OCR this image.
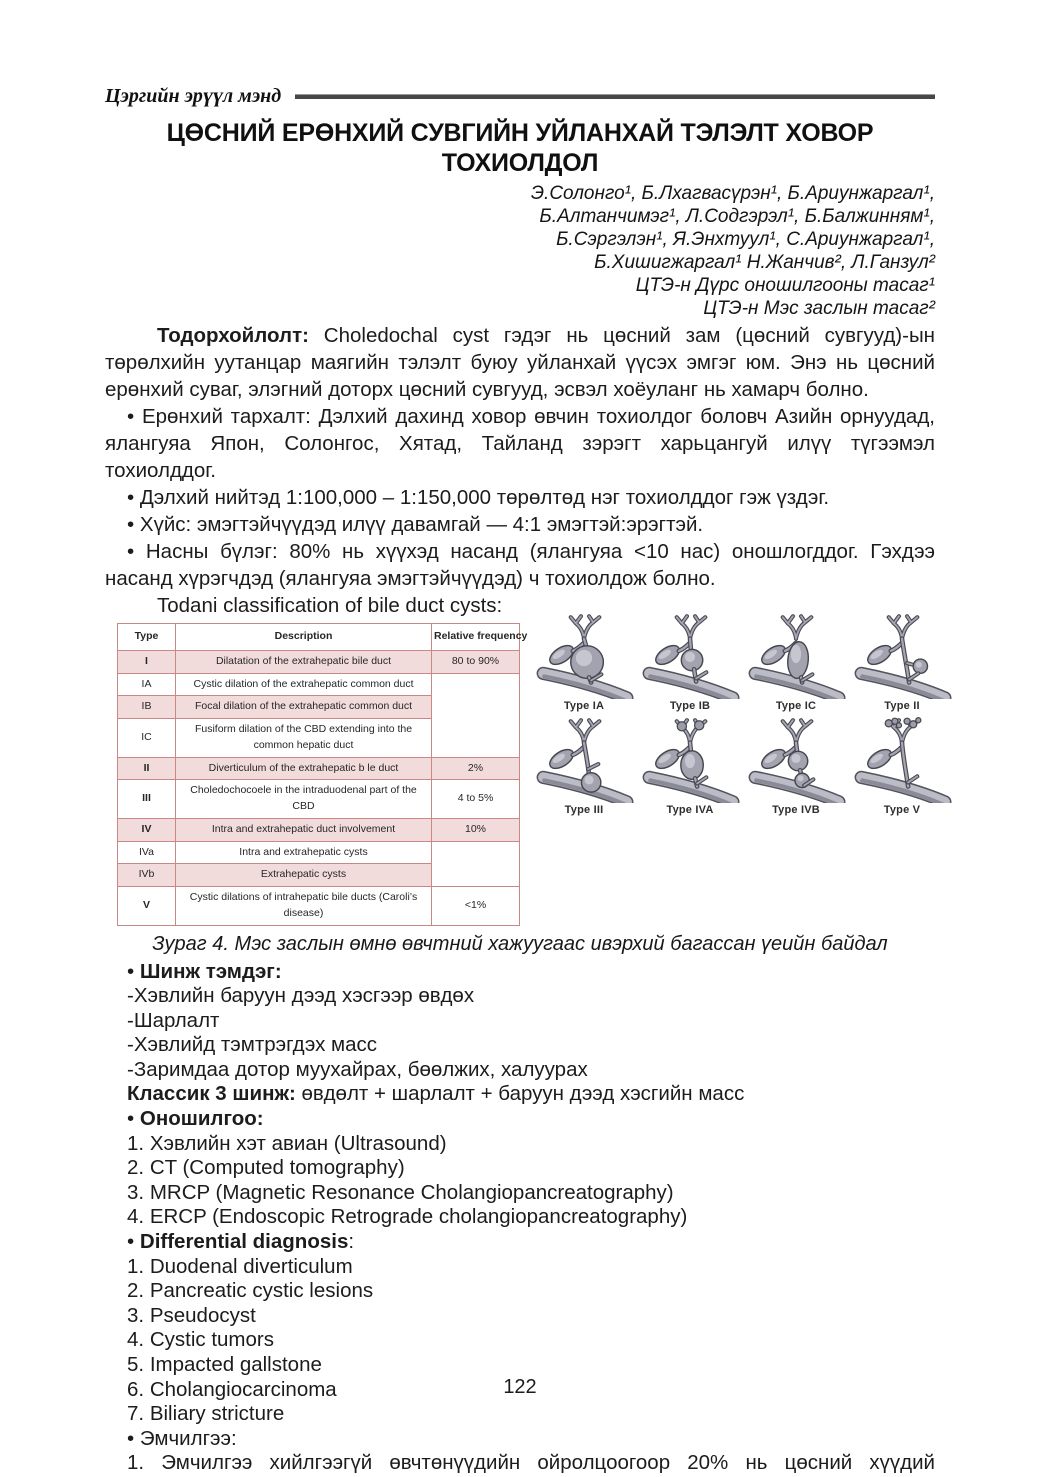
Цэргийн эрүүл мэнд
ЦӨСНИЙ ЕРӨНХИЙ СУВГИЙН УЙЛАНХАЙ ТЭЛЭЛТ ХОВОР ТОХИОЛДОЛ
Э.Солонго¹, Б.Лхагвасүрэн¹, Б.Ариунжаргал¹,
Б.Алтанчимэг¹, Л.Содгэрэл¹, Б.Балжинням¹,
Б.Сэргэлэн¹, Я.Энхтуул¹, С.Ариунжаргал¹,
Б.Хишигжаргал¹ Н.Жанчив², Л.Ганзул²
ЦТЭ-н Дүрс оношилгооны тасаг¹
ЦТЭ-н Мэс заслын тасаг²

Тодорхойлолт: Choledochal cyst гэдэг нь цөсний зам (цөсний сувгууд)-ын төрөлхийн уутанцар маягийн тэлэлт буюу уйланхай үүсэх эмгэг юм. Энэ нь цөсний ерөнхий суваг, элэгний доторх цөсний сувгууд, эсвэл хоёуланг нь хамарч болно.

• Ерөнхий тархалт: Дэлхий дахинд ховор өвчин тохиолдог боловч Азийн орнуудад, ялангуяа Япон, Солонгос, Хятад, Тайланд зэрэгт харьцангуй илүү түгээмэл тохиолддог.

• Дэлхий нийтэд 1:100,000 – 1:150,000 төрөлтөд нэг тохиолддог гэж үздэг.

• Хүйс: эмэгтэйчүүдэд илүү давамгай — 4:1 эмэгтэй:эрэгтэй.

• Насны бүлэг: 80% нь хүүхэд насанд (ялангуяа <10 нас) оношлогддог. Гэхдээ насанд хүрэгчдэд (ялангуяа эмэгтэйчүүдэд) ч тохиолдож болно.

Todani classification of bile duct cysts:

Type	Description	Relative frequency
I	Dilatation of the extrahepatic bile duct	80 to 90%
IA	Cystic dilation of the extrahepatic common duct	
IB	Focal dilation of the extrahepatic common duct	
IC	Fusiform dilation of the CBD extending into the common hepatic duct	
II	Diverticulum of the extrahepatic b le duct	2%
III	Choledochocoele in the intraduodenal part of the CBD	4 to 5%
IV	Intra and extrahepatic duct involvement	10%
IVa	Intra and extrahepatic cysts	
IVb	Extrahepatic cysts	
V	Cystic dilations of intrahepatic bile ducts (Caroli’s disease)	<1%
Type IA	Type IB	Type IC	Type II
Type III	Type IVA	Type IVB	Type V

Зураг 4. Мэс заслын өмнө өвчтний хажуугаас ивэрхий багассан үеийн байдал

• Шинж тэмдэг:

-Хэвлийн баруун дээд хэсгээр өвдөх

-Шарлалт

-Хэвлийд тэмтрэгдэх масс

-Заримдаа дотор муухайрах, бөөлжих, халуурах

Классик 3 шинж: өвдөлт + шарлалт + баруун дээд хэсгийн масс

• Оношилгоо:

1. Хэвлийн хэт авиан (Ultrasound)

2. CT (Computed tomography)

3. MRCP (Magnetic Resonance Cholangiopancreatography)

4. ERCP (Endoscopic Retrograde cholangiopancreatography)

• Differential diagnosis:

1. Duodenal diverticulum

2. Pancreatic cystic lesions

3. Pseudocyst

4. Cystic tumors

5. Impacted gallstone

6. Cholangiocarcinoma

7. Biliary stricture

• Эмчилгээ:

1. Эмчилгээ хийлгээгүй өвчтөнүүдийн ойролцоогоор 20% нь цөсний хүүдий

122
